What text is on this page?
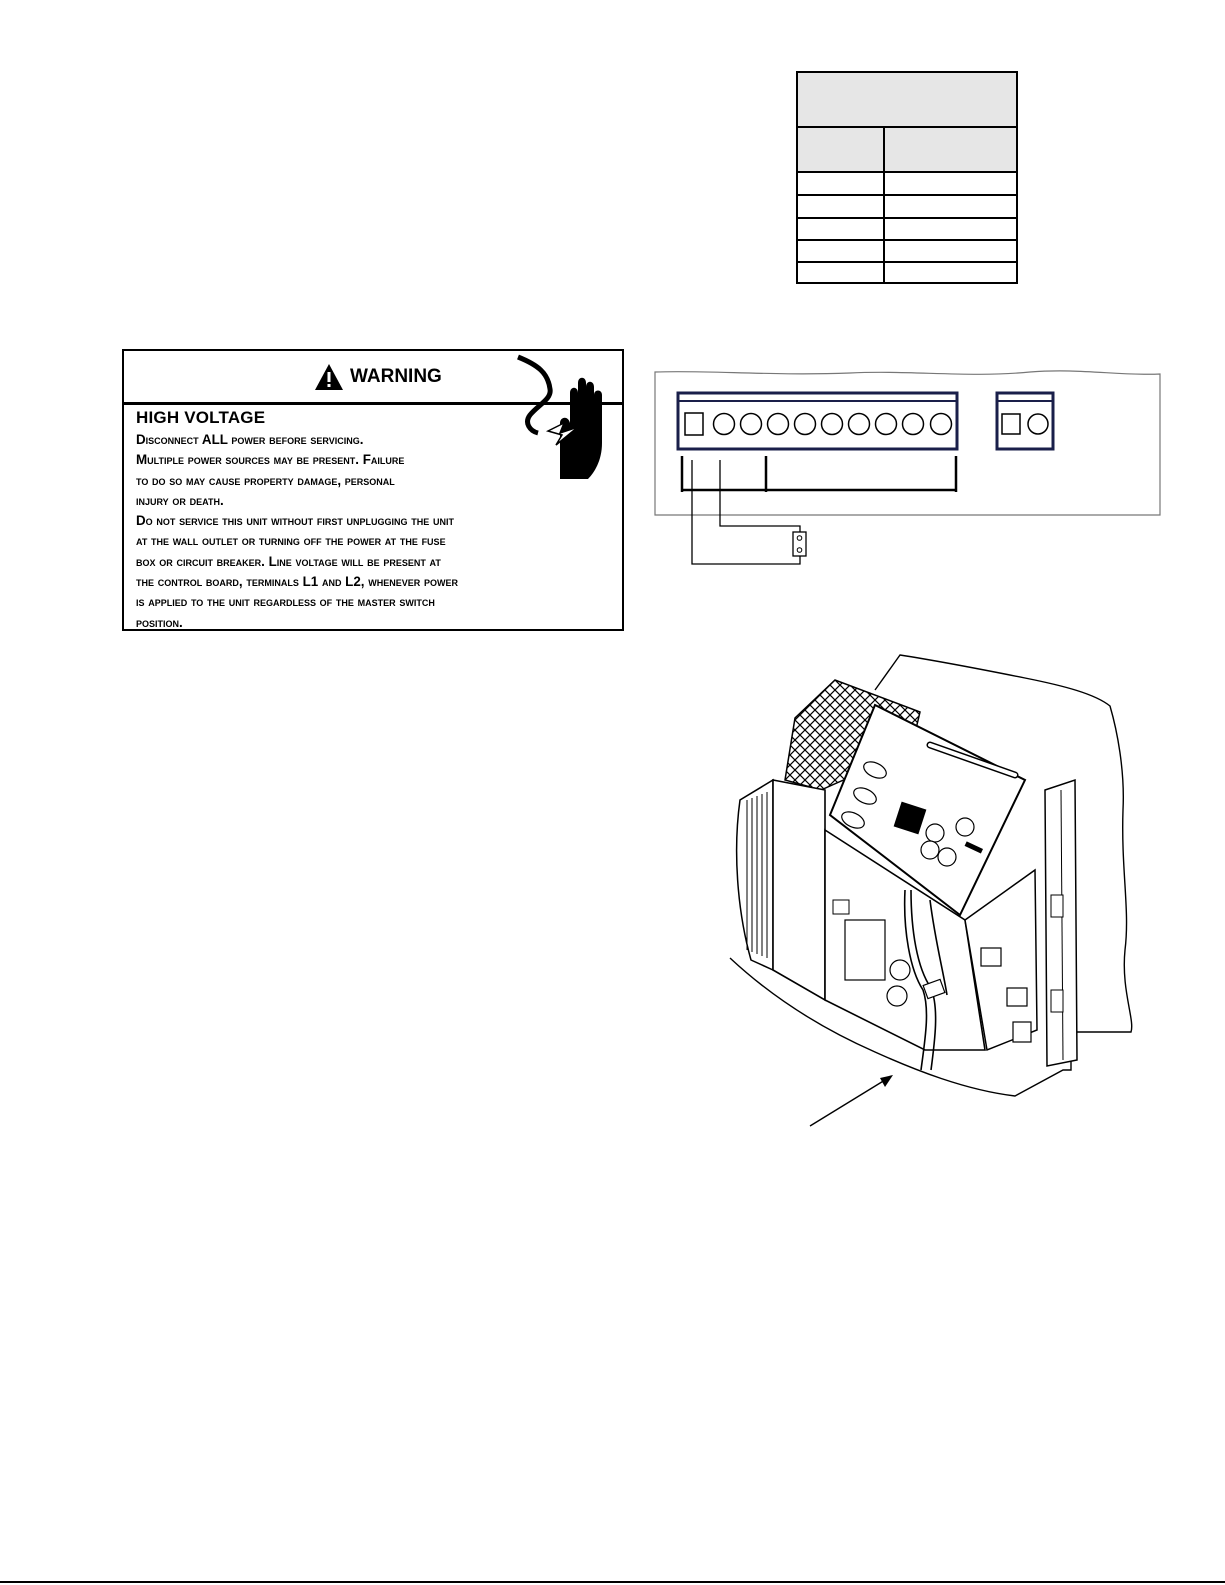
WARNING
HIGH VOLTAGE

Disconnect ALL power before servicing.

Multiple power sources may be present. Failure

to do so may cause property damage, personal

injury or death.

Do not service this unit without first unplugging the unit

at the wall outlet or turning off the power at the fuse

box or circuit breaker. Line voltage will be present at

the control board, terminals L1 and L2, whenever power

is applied to the unit regardless of the master switch

position.
